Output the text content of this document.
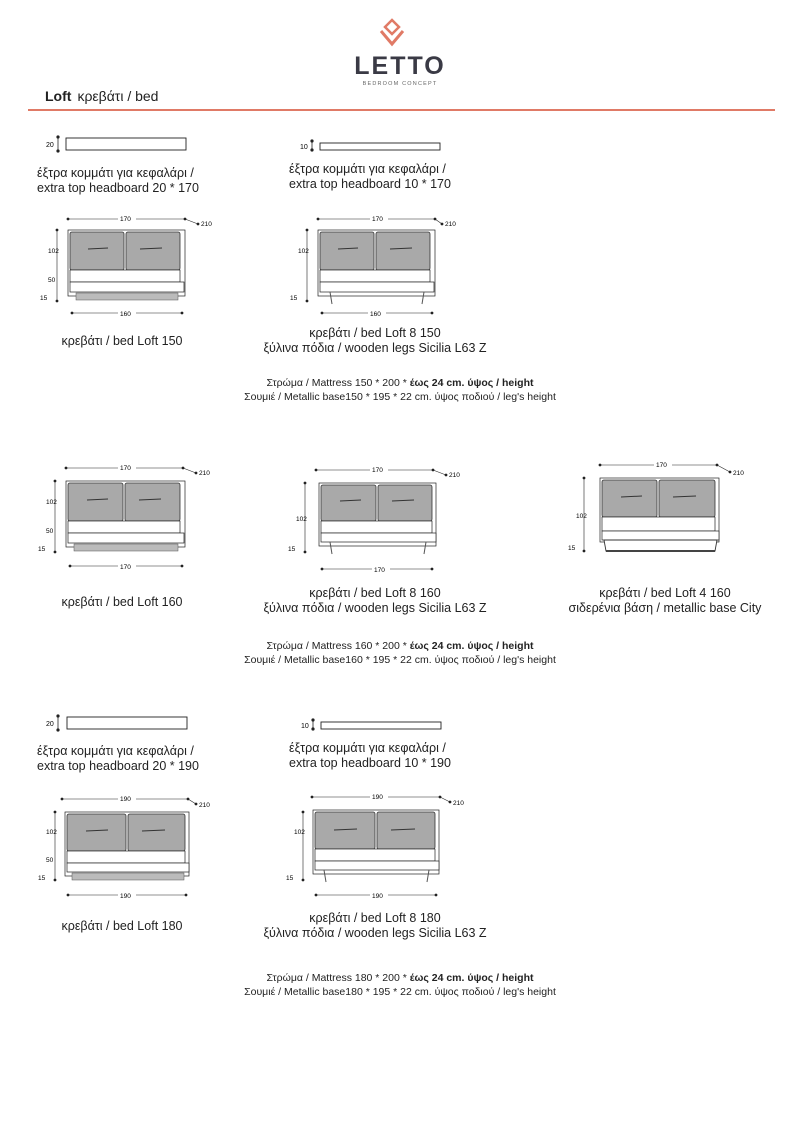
LETTO
BEDROOM CONCEPT
Loft κρεβάτι / bed
20
έξτρα κομμάτι για κεφαλάρι /
extra top headboard 20 * 170
10
έξτρα κομμάτι για κεφαλάρι /
extra top headboard 10 * 170
170
210
102
50
15
160
κρεβάτι / bed Loft 150
170
210
102
15
160
κρεβάτι / bed Loft 8 150
ξύλινα πόδια / wooden legs Sicilia L63 Z
Στρώμα / Mattress 150 * 200 * έως 24 cm. ύψος / height
Σουμιέ / Metallic base150 * 195 * 22 cm. ύψος ποδιού / leg's height
170
210
102
50
15
170
κρεβάτι / bed Loft 160
170
210
102
15
170
κρεβάτι / bed Loft 8 160
ξύλινα πόδια / wooden legs Sicilia L63 Z
170
210
102
15
κρεβάτι / bed Loft 4 160
σιδερένια βάση / metallic base City
Στρώμα / Mattress 160 * 200 * έως 24 cm. ύψος / height
Σουμιέ / Metallic base160 * 195 * 22 cm. ύψος ποδιού / leg's height
20
έξτρα κομμάτι για κεφαλάρι /
extra top headboard 20 * 190
10
έξτρα κομμάτι για κεφαλάρι /
extra top headboard 10 * 190
190
210
102
50
15
190
κρεβάτι / bed Loft 180
190
210
102
15
190
κρεβάτι / bed Loft 8 180
ξύλινα πόδια / wooden legs Sicilia L63 Z
Στρώμα / Mattress 180 * 200 * έως 24 cm. ύψος / height
Σουμιέ / Metallic base180 * 195 * 22 cm. ύψος ποδιού / leg's height
